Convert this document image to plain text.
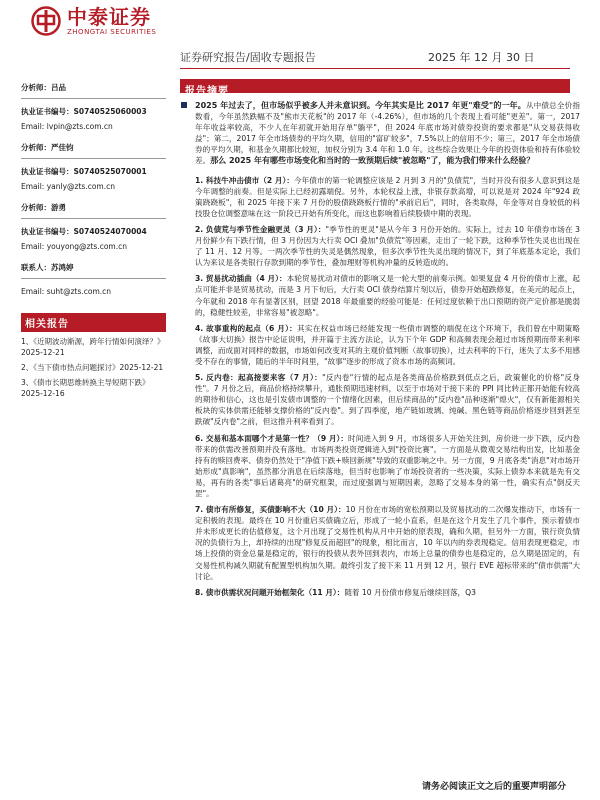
中泰证券
ZHONGTAI SECURITIES
证券研究报告/固收专题报告	2025 年 12 月 30 日
分析师：吕品
执业证书编号：S0740525060003
Email: lvpin@zts.com.cn
分析师：严佳钧
执业证书编号：S0740525070001
Email: yanly@zts.com.cn
分析师：游勇
执业证书编号：S0740524070004
Email: youyong@zts.com.cn
联系人：苏鸿婷
Email: suht@zts.com.cn
相关报告
1、《近期波动渐源，跨年行情如何演绎？》2025-12-21
2、《当下债市热点问题探讨》2025-12-21
3、《债市长期思维转换主导短期下跌》2025-12-16
报告摘要
2025 年过去了，但市场似乎被多人并未意识到。今年其实是比 2017 年更"难受"的一年。从中债总全价指数看，今年虽然跌幅不及"熊市天花板"的 2017 年（-4.26%），但市场的几个表现上看可能"更差"。第一，2017 年年收益率较高，不少人在年初就开始用存单"躺平"，但 2024 年底市场对债券投资的要求都是"从交易获得收益"；第二，2017 年全市场债券的平均久期，信用的"富矿较多"，7.5%以上的信用不少；第三，2017 年全市场债券的平均久期，和基金久期都比较短，加权分别为 3.4 年和 1.0 年。这些综合效果让今年的投资体验和持有体验较差。那么 2025 年有哪些市场变化和当时的一致预期后续"被忽略"了，能为我们带来什么经验？
1. 科技牛冲击债市（2 月）：今年债市的第一轮调整应该是 2 月到 3 月的"负债荒"，当时开没有很多人意识到这是今年调整的前奏。但是实际上已经初露端倪。另外，本轮权益上涨，非银存款高增，可以说是对 2024 年"924 政策跷跷板"，和 2025 年接下来 7 月份的股债跷跷板行情的"承前启后"，同时，各类取得，年金等对自身较低的科技股仓位调整意味在这一阶段已开始有所变化，而这也影响着后续股债中期的表现。
2. 负债荒与季节性金融更灵（3 月）："季节性的更灵"是从今年 3 月份开始的。实际上，过去 10 年债券市场在 3 月份鲜少有下跌行情，但 3 月份因为大行卖 OCI 叠加"负债荒"等因素，走出了一轮下跌，这种季节性失灵也出现在了 11 月、12 月等。一两次季节性的失灵是偶然现象，但多次季节性失灵出现的情况下，到了年底基本定论，我们认为来议是各类银行存款到期的季节性，叠加理财等机构冲量的反转造成的。
3. 贸易扰动插曲（4 月）：本轮贸易扰动对债市的影响又是一轮大型的前奏示例。如果复盘 4 月份的债市上涨，起点可能并非是贸易扰动，而是 3 月下旬后，大行卖 OCI 债券结算片刻以后，债券开始超跌修复，在美元的起点上，今年就和 2018 年有显著区别，回望 2018 年最重要的经验可能是：任何过度依赖于出口预期的资产定价都是脆弱的，稳健性较差，非常容易"被忽略"。
4. 故事重构的起点（6 月）：其实在权益市场已经能发现一些债市调整的端倪在这个环境下，我们曾在中期策略《故事大切换》报告中论证说明，并开篇于主流方法论，认为下个年 GDP 和高频表现会超过市场预期而带来利率调整，而成面对同样的数据，市场如何改变对其的主观价值判断（故事切换），过去利率的下行，迷失了太多不用感受不存在的事情，随后的半年时间里，"故事"逐步的形成了资本市场的高频词。
5. 反内卷：起高接要来客（7 月）："反内卷"行情的起点是各类商品价格跌到低点之后，政策催化的价格"反身性"。7 月份之后，商品价格持续攀升，通胀预期迅速材料，以至于市场对于接下来的 PPI 同比转正都开始能有较高的期待和信心，这也是引发债市调整的一个情绪化因素，但后续商品的"反内卷"品种逐渐"熄火"，仅有新能源相关板块的实体供需还能够支撑价格的"反内卷"。到了四季度，地产链如玻璃、纯碱、黑色链等商品价格逐步回到甚至跌破"反内卷"之前，但这推升利率看到了。
6. 交易和基本面哪个才是第一性？（9 月）：时间进入到 9 月，市场很多人开始关注到，房价进一步下跌，反内卷带来的供需改善预期并没有落地。市场两类投资逻辑进入到"投资比赛"。一方面是从微观交易结构出发，比如基金持有的赎回费率、债券仍然处于"净值下跌+赎回新规"导致的双重影响之中。另一方面，9 月底各类"消息"对市场开始形成"真影响"，虽然都分消息在后续落地，但当时也影响了市场投资者的一些决策，实际上债券本来就是先有交易，再有的各类"事后诸葛亮"的研究框架，而过度强调与短期因素，忽略了交易本身的第一性，确实有点"倒反天罡"。
7. 债市有所修复，买债影响不大（10 月）：10 月份在市场的宽松预期以及贸易扰动的二次爆发推动下，市场有一定积极的表现。最终在 10 月份重启买债确立后，形成了一轮小直系，但是在这个月发生了几个事件，预示着债市并未形成更长的估值修复，这个月出现了交易性机构从月中开始的原表现，确和久期，但另外一方面，银行资负情况的负债行为上，却持续的出现"修复反而超回"的现象，相比而言，10 年以内的券表现稳定。信用表现更稳定，市场上投债的资金总量是稳定的，银行的投债从表外回到表内，市场上总量的债券也是稳定的，总久期是固定的，有交易性机构减久期就有配置型机构加久期。最终引发了接下来 11 月到 12 月，银行 EVE 超标带来的"债市供需"大讨论。
8. 债市供需状况问题开始框架化（11 月）：随着 10 月份债市修复后继续回落，Q3
请务必阅读正文之后的重要声明部分
